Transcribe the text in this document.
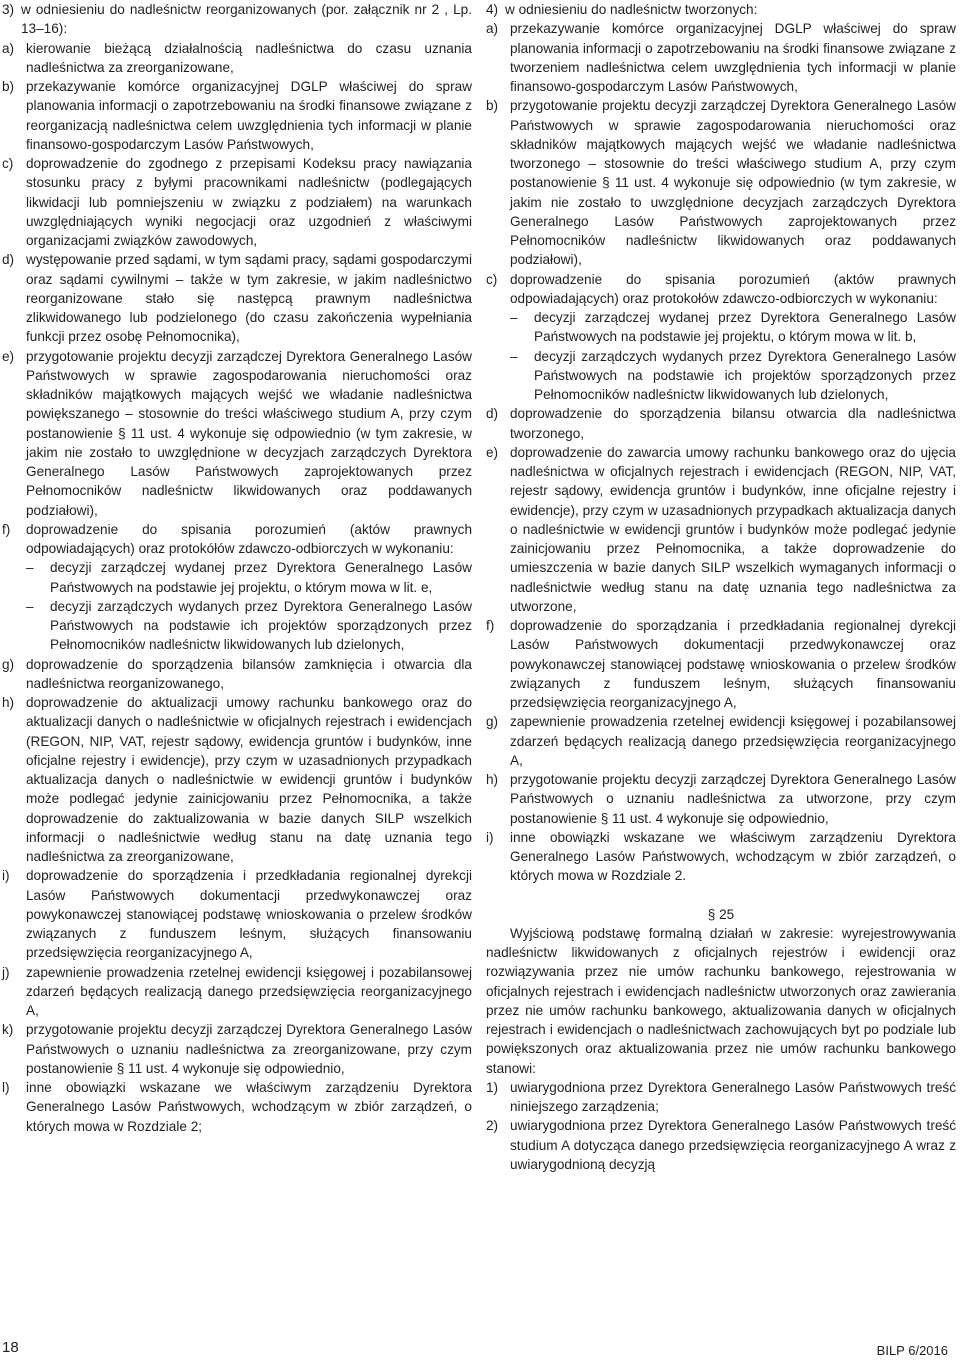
3) w odniesieniu do nadleśnictw reorganizowanych (por. załącznik nr 2 , Lp. 13–16):
a) kierowanie bieżącą działalnością nadleśnictwa do czasu uznania nadleśnictwa za zreorganizowane,
b) przekazywanie komórce organizacyjnej DGLP właściwej do spraw planowania informacji o zapotrzebowaniu na środki finansowe związane z reorganizacją nadleśnictwa celem uwzględnienia tych informacji w planie finansowo-gospodarczym Lasów Państwowych,
c) doprowadzenie do zgodnego z przepisami Kodeksu pracy nawiązania stosunku pracy z byłymi pracownikami nadleśnictw (podlegających likwidacji lub pomniejszeniu w związku z podziałem) na warunkach uwzględniających wyniki negocjacji oraz uzgodnień z właściwymi organizacjami związków zawodowych,
d) występowanie przed sądami, w tym sądami pracy, sądami gospodarczymi oraz sądami cywilnymi – także w tym zakresie, w jakim nadleśnictwo reorganizowane stało się następcą prawnym nadleśnictwa zlikwidowanego lub podzielonego (do czasu zakończenia wypełniania funkcji przez osobę Pełnomocnika),
e) przygotowanie projektu decyzji zarządczej Dyrektora Generalnego Lasów Państwowych w sprawie zagospodarowania nieruchomości oraz składników majątkowych mających wejść we władanie nadleśnictwa powiększanego – stosownie do treści właściwego studium A, przy czym postanowienie § 11 ust. 4 wykonuje się odpowiednio (w tym zakresie, w jakim nie zostało to uwzględnione w decyzjach zarządczych Dyrektora Generalnego Lasów Państwowych zaprojektowanych przez Pełnomocników nadleśnictw likwidowanych oraz poddawanych podziałowi),
f)	doprowadzenie do spisania porozumień (aktów prawnych odpowiadających) oraz protokółów zdawczo-odbiorczych w wykonaniu:
–	decyzji zarządczej wydanej przez Dyrektora Generalnego Lasów Państwowych na podstawie jej projektu, o którym mowa w lit. e,
–	decyzji zarządczych wydanych przez Dyrektora Generalnego Lasów Państwowych na podstawie ich projektów sporządzonych przez Pełnomocników nadleśnictw likwidowanych lub dzielonych,
g) doprowadzenie do sporządzenia bilansów zamknięcia i otwarcia dla nadleśnictwa reorganizowanego,
h) doprowadzenie do aktualizacji umowy rachunku bankowego oraz do aktualizacji danych o nadleśnictwie w oficjalnych rejestrach i ewidencjach (REGON, NIP, VAT, rejestr sądowy, ewidencja gruntów i budynków, inne oficjalne rejestry i ewidencje), przy czym w uzasadnionych przypadkach aktualizacja danych o nadleśnictwie w ewidencji gruntów i budynków może podlegać jedynie zainicjowaniu przez Pełnomocnika, a także doprowadzenie do zaktualizowania w bazie danych SILP wszelkich informacji o nadleśnictwie według stanu na datę uznania tego nadleśnictwa za zreorganizowane,
i)	doprowadzenie do sporządzenia i przedkładania regionalnej dyrekcji Lasów Państwowych dokumentacji przedwykonawczej oraz powykonawczej stanowiącej podstawę wnioskowania o przelew środków związanych z funduszem leśnym, służących finansowaniu przedsięwzięcia reorganizacyjnego A,
j)	zapewnienie prowadzenia rzetelnej ewidencji księgowej i pozabilansowej zdarzeń będących realizacją danego przedsięwzięcia reorganizacyjnego A,
k) przygotowanie projektu decyzji zarządczej Dyrektora Generalnego Lasów Państwowych o uznaniu nadleśnictwa za zreorganizowane, przy czym postanowienie § 11 ust. 4 wykonuje się odpowiednio,
l)	inne obowiązki wskazane we właściwym zarządzeniu Dyrektora Generalnego Lasów Państwowych, wchodzącym w zbiór zarządzeń, o których mowa w Rozdziale 2;
4) w odniesieniu do nadleśnictw tworzonych:
a) przekazywanie komórce organizacyjnej DGLP właściwej do spraw planowania informacji o zapotrzebowaniu na środki finansowe związane z tworzeniem nadleśnictwa celem uwzględnienia tych informacji w planie finansowo-gospodarczym Lasów Państwowych,
b) przygotowanie projektu decyzji zarządczej Dyrektora Generalnego Lasów Państwowych w sprawie zagospodarowania nieruchomości oraz składników majątkowych mających wejść we władanie nadleśnictwa tworzonego – stosownie do treści właściwego studium A, przy czym postanowienie § 11 ust. 4 wykonuje się odpowiednio (w tym zakresie, w jakim nie zostało to uwzględnione decyzjach zarządczych Dyrektora Generalnego Lasów Państwowych zaprojektowanych przez Pełnomocników nadleśnictw likwidowanych oraz poddawanych podziałowi),
c) doprowadzenie do spisania porozumień (aktów prawnych odpowiadających) oraz protokołów zdawczo-odbiorczych w wykonaniu:
–	decyzji zarządczej wydanej przez Dyrektora Generalnego Lasów Państwowych na podstawie jej projektu, o którym mowa w lit. b,
–	decyzji zarządczych wydanych przez Dyrektora Generalnego Lasów Państwowych na podstawie ich projektów sporządzonych przez Pełnomocników nadleśnictw likwidowanych lub dzielonych,
d) doprowadzenie do sporządzenia bilansu otwarcia dla nadleśnictwa tworzonego,
e) doprowadzenie do zawarcia umowy rachunku bankowego oraz do ujęcia nadleśnictwa w oficjalnych rejestrach i ewidencjach (REGON, NIP, VAT, rejestr sądowy, ewidencja gruntów i budynków, inne oficjalne rejestry i ewidencje), przy czym w uzasadnionych przypadkach aktualizacja danych o nadleśnictwie w ewidencji gruntów i budynków może podlegać jedynie zainicjowaniu przez Pełnomocnika, a także doprowadzenie do umieszczenia w bazie danych SILP wszelkich wymaganych informacji o nadleśnictwie według stanu na datę uznania tego nadleśnictwa za utworzone,
f)	doprowadzenie do sporządzania i przedkładania regionalnej dyrekcji Lasów Państwowych dokumentacji przedwykonawczej oraz powykonawczej stanowiącej podstawę wnioskowania o przelew środków związanych z funduszem leśnym, służących finansowaniu przedsięwzięcia reorganizacyjnego A,
g) zapewnienie prowadzenia rzetelnej ewidencji księgowej i pozabilansowej zdarzeń będących realizacją danego przedsięwzięcia reorganizacyjnego A,
h) przygotowanie projektu decyzji zarządczej Dyrektora Generalnego Lasów Państwowych o uznaniu nadleśnictwa za utworzone, przy czym postanowienie § 11 ust. 4 wykonuje się odpowiednio,
i)	inne obowiązki wskazane we właściwym zarządzeniu Dyrektora Generalnego Lasów Państwowych, wchodzącym w zbiór zarządzeń, o których mowa w Rozdziale 2.
§ 25

Wyjściową podstawę formalną działań w zakresie: wyrejestrowywania nadleśnictw likwidowanych z oficjalnych rejestrów i ewidencji oraz rozwiązywania przez nie umów rachunku bankowego, rejestrowania w oficjalnych rejestrach i ewidencjach nadleśnictw utworzonych oraz zawierania przez nie umów rachunku bankowego, aktualizowania danych w oficjalnych rejestrach i ewidencjach o nadleśnictwach zachowujących byt po podziale lub powiększonych oraz aktualizowania przez nie umów rachunku bankowego stanowi:

1) uwiarygodniona przez Dyrektora Generalnego Lasów Państwowych treść niniejszego zarządzenia;
2) uwiarygodniona przez Dyrektora Generalnego Lasów Państwowych treść studium A dotycząca danego przedsięwzięcia reorganizacyjnego A wraz z uwiarygodnioną decyzją
18	BILP 6/2016
